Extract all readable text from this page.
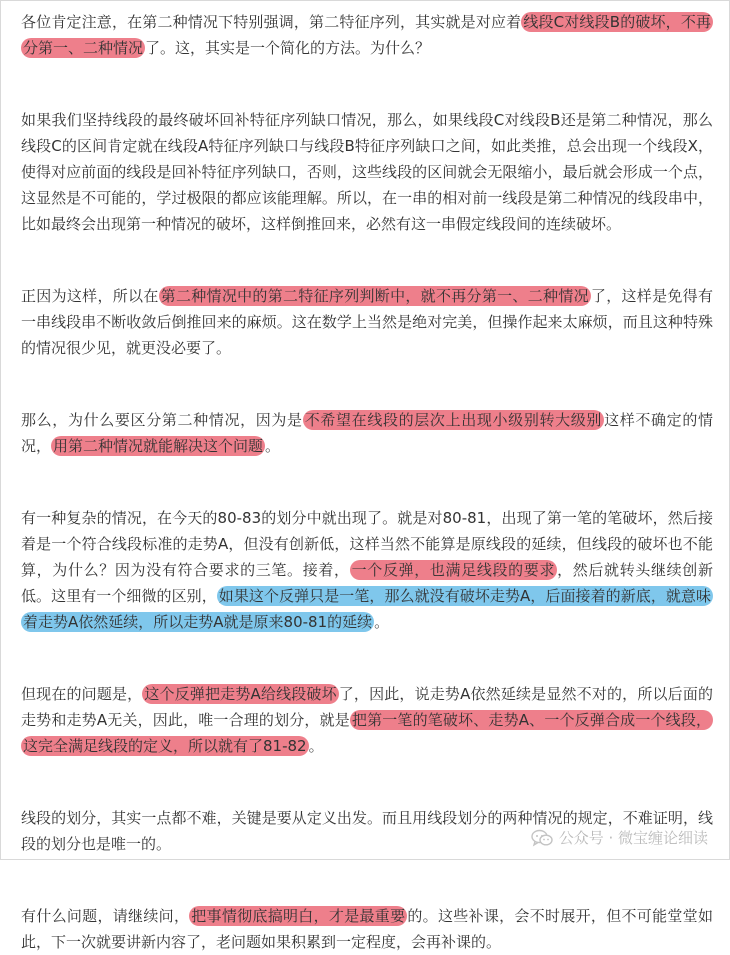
各位肯定注意，在第二种情况下特别强调，第二特征序列，其实就是对应着 线段C对线段B的破坏，不再分第一、二种情况 了。这，其实是一个简化的方法。为什么？

如果我们坚持线段的最终破坏回补特征序列缺口情况，那么，如果线段C对线段B还是第二种情况，那么线段C的区间肯定就在线段A特征序列缺口与线段B特征序列缺口之间，如此类推，总会出现一个线段X，使得对应前面的线段是回补特征序列缺口，否则，这些线段的区间就会无限缩小，最后就会形成一个点，这显然是不可能的，学过极限的都应该能理解。所以，在一串的相对前一线段是第二种情况的线段串中，比如最终会出现第一种情况的破坏，这样倒推回来，必然有这一串假定线段间的连续破坏。

正因为这样，所以在 第二种情况中的第二特征序列判断中，就不再分第一、二种情况 了，这样是免得有一串线段串不断收敛后倒推回来的麻烦。这在数学上当然是绝对完美，但操作起来太麻烦，而且这种特殊的情况很少见，就更没必要了。

那么，为什么要区分第二种情况，因为是 不希望在线段的层次上出现小级别转大级别 这样不确定的情况， 用第二种情况就能解决这个问题 。

有一种复杂的情况，在今天的80-83的划分中就出现了。就是对80-81，出现了第一笔的笔破坏，然后接着是一个符合线段标准的走势A，但没有创新低，这样当然不能算是原线段的延续，但线段的破坏也不能算，为什么？因为没有符合要求的三笔。接着， 一个反弹，也满足线段的要求 ，然后就转头继续创新低。这里有一个细微的区别， 如果这个反弹只是一笔，那么就没有破坏走势A，后面接着的新底，就意味着走势A依然延续，所以走势A就是原来80-81的延续 。

但现在的问题是， 这个反弹把走势A给线段破坏 了，因此，说走势A依然延续是显然不对的，所以后面的走势和走势A无关，因此，唯一合理的划分，就是 把第一笔的笔破坏、走势A、一个反弹合成一个线段，这完全满足线段的定义，所以就有了81-82 。

线段的划分，其实一点都不难，关键是要从定义出发。而且用线段划分的两种情况的规定，不难证明，线段的划分也是唯一的。

有什么问题，请继续问， 把事情彻底搞明白，才是最重要 的。这些补课，会不时展开，但不可能堂堂如此，下一次就要讲新内容了，老问题如果积累到一定程度，会再补课的。

公众号 · 微宝缠论细读
